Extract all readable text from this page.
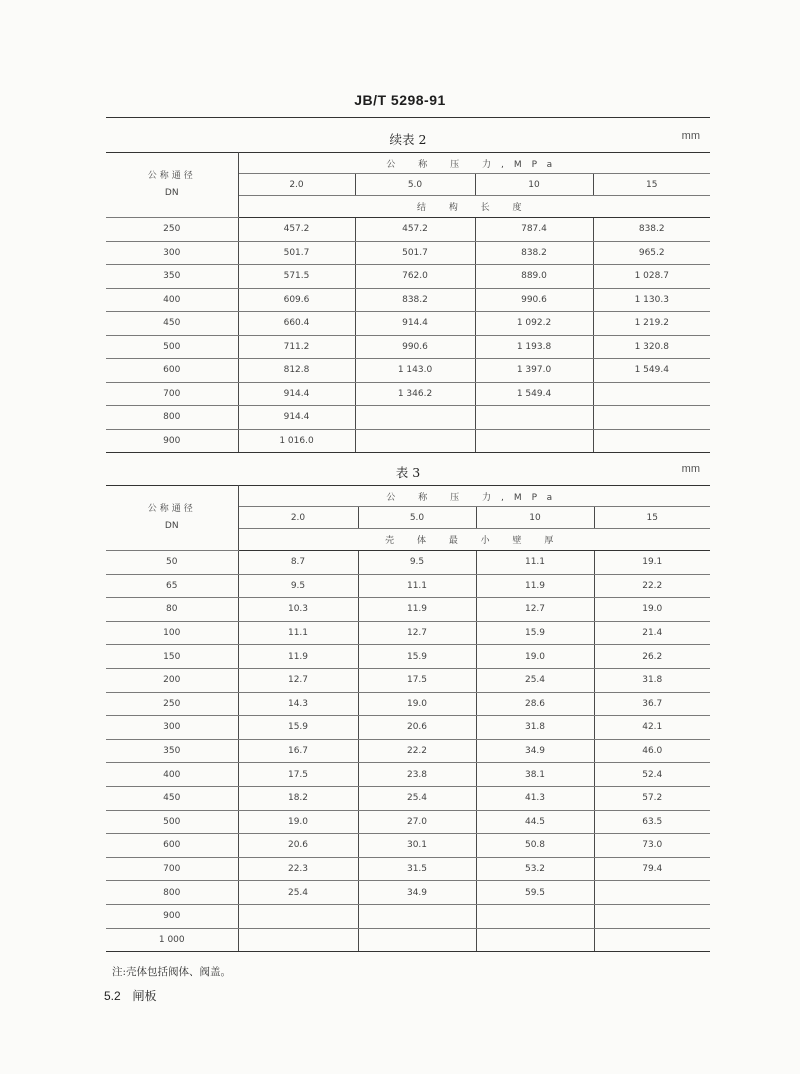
JB/T 5298-91
续表 2	mm
公称通径
DN	公 称 压 力,MPa			
	2.0	5.0	10	15
	结 构 长 度			
250	457.2	457.2	787.4	838.2
300	501.7	501.7	838.2	965.2
350	571.5	762.0	889.0	1 028.7
400	609.6	838.2	990.6	1 130.3
450	660.4	914.4	1 092.2	1 219.2
500	711.2	990.6	1 193.8	1 320.8
600	812.8	1 143.0	1 397.0	1 549.4
700	914.4	1 346.2	1 549.4	
800	914.4			
900	1 016.0			
表 3	mm
公称通径
DN	公 称 压 力,MPa			
	2.0	5.0	10	15
	壳 体 最 小 壁 厚			
50	8.7	9.5	11.1	19.1
65	9.5	11.1	11.9	22.2
80	10.3	11.9	12.7	19.0
100	11.1	12.7	15.9	21.4
150	11.9	15.9	19.0	26.2
200	12.7	17.5	25.4	31.8
250	14.3	19.0	28.6	36.7
300	15.9	20.6	31.8	42.1
350	16.7	22.2	34.9	46.0
400	17.5	23.8	38.1	52.4
450	18.2	25.4	41.3	57.2
500	19.0	27.0	44.5	63.5
600	20.6	30.1	50.8	73.0
700	22.3	31.5	53.2	79.4
800	25.4	34.9	59.5	
900				
1 000				
注:壳体包括阀体、阀盖。
5.2 闸板
